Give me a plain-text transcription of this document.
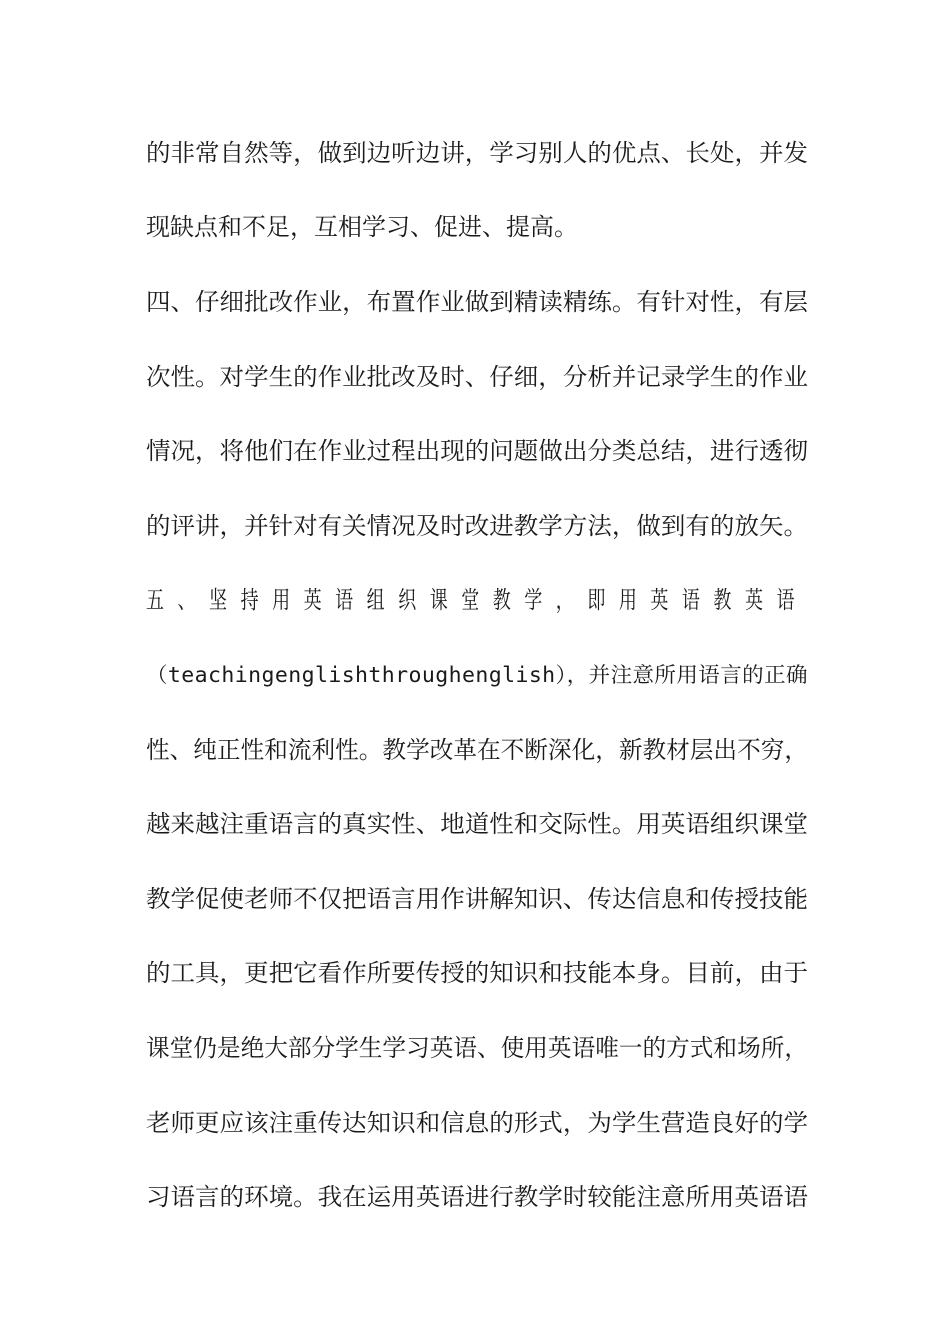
的非常自然等，做到边听边讲，学习别人的优点、长处，并发
现缺点和不足，互相学习、促进、提高。
四、仔细批改作业，布置作业做到精读精练。有针对性，有层
次性。对学生的作业批改及时、仔细，分析并记录学生的作业
情况，将他们在作业过程出现的问题做出分类总结，进行透彻
的评讲，并针对有关情况及时改进教学方法，做到有的放矢。
五、坚持用英语组织课堂教学，即用英语教英语
（teachingenglishthroughenglish），并注意所用语言的正确
性、纯正性和流利性。教学改革在不断深化，新教材层出不穷，
越来越注重语言的真实性、地道性和交际性。用英语组织课堂
教学促使老师不仅把语言用作讲解知识、传达信息和传授技能
的工具，更把它看作所要传授的知识和技能本身。目前，由于
课堂仍是绝大部分学生学习英语、使用英语唯一的方式和场所，
老师更应该注重传达知识和信息的形式，为学生营造良好的学
习语言的环境。我在运用英语进行教学时较能注意所用英语语
